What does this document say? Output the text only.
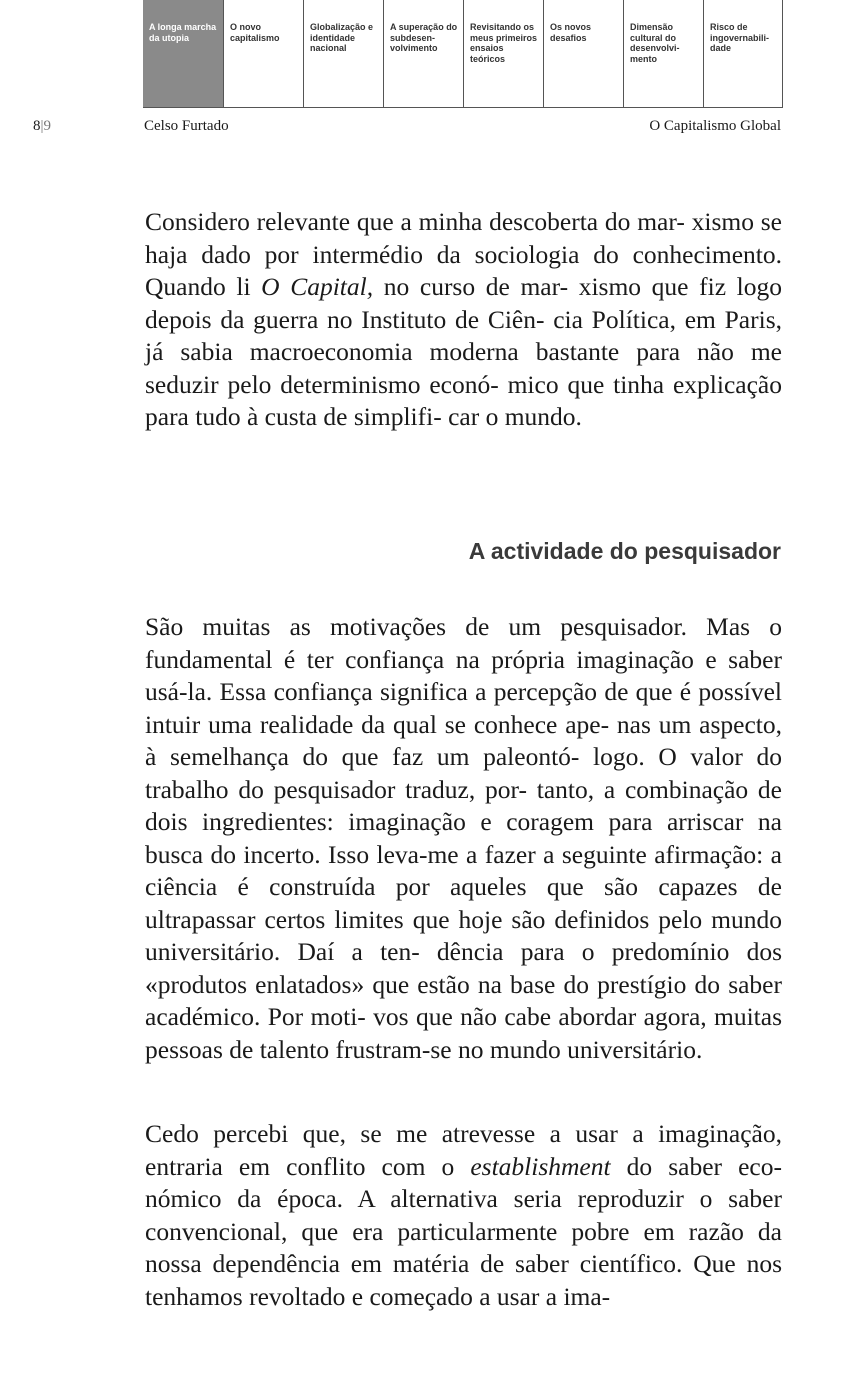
A longa marcha da utopia
O novo capitalismo
Globalização e identidade nacional
A superação do subdesen-volvimento
Revisitando os meus primeiros ensaios teóricos
Os novos desafios
Dimensão cultural do desenvolvi-mento
Risco de ingovernabili-dade
8|9	Celso Furtado	O Capitalismo Global
Considero relevante que a minha descoberta do mar- xismo se haja dado por intermédio da sociologia do conhecimento. Quando li O Capital, no curso de mar- xismo que fiz logo depois da guerra no Instituto de Ciên- cia Política, em Paris, já sabia macroeconomia moderna bastante para não me seduzir pelo determinismo econó- mico que tinha explicação para tudo à custa de simplifi- car o mundo.
A actividade do pesquisador
São muitas as motivações de um pesquisador. Mas o fundamental é ter confiança na própria imaginação e saber usá-la. Essa confiança significa a percepção de que é possível intuir uma realidade da qual se conhece ape- nas um aspecto, à semelhança do que faz um paleontó- logo. O valor do trabalho do pesquisador traduz, por- tanto, a combinação de dois ingredientes: imaginação e coragem para arriscar na busca do incerto. Isso leva-me a fazer a seguinte afirmação: a ciência é construída por aqueles que são capazes de ultrapassar certos limites que hoje são definidos pelo mundo universitário. Daí a ten- dência para o predomínio dos «produtos enlatados» que estão na base do prestígio do saber académico. Por moti- vos que não cabe abordar agora, muitas pessoas de talento frustram-se no mundo universitário.
Cedo percebi que, se me atrevesse a usar a imaginação, entraria em conflito com o establishment do saber eco- nómico da época. A alternativa seria reproduzir o saber convencional, que era particularmente pobre em razão da nossa dependência em matéria de saber científico. Que nos tenhamos revoltado e começado a usar a ima-
